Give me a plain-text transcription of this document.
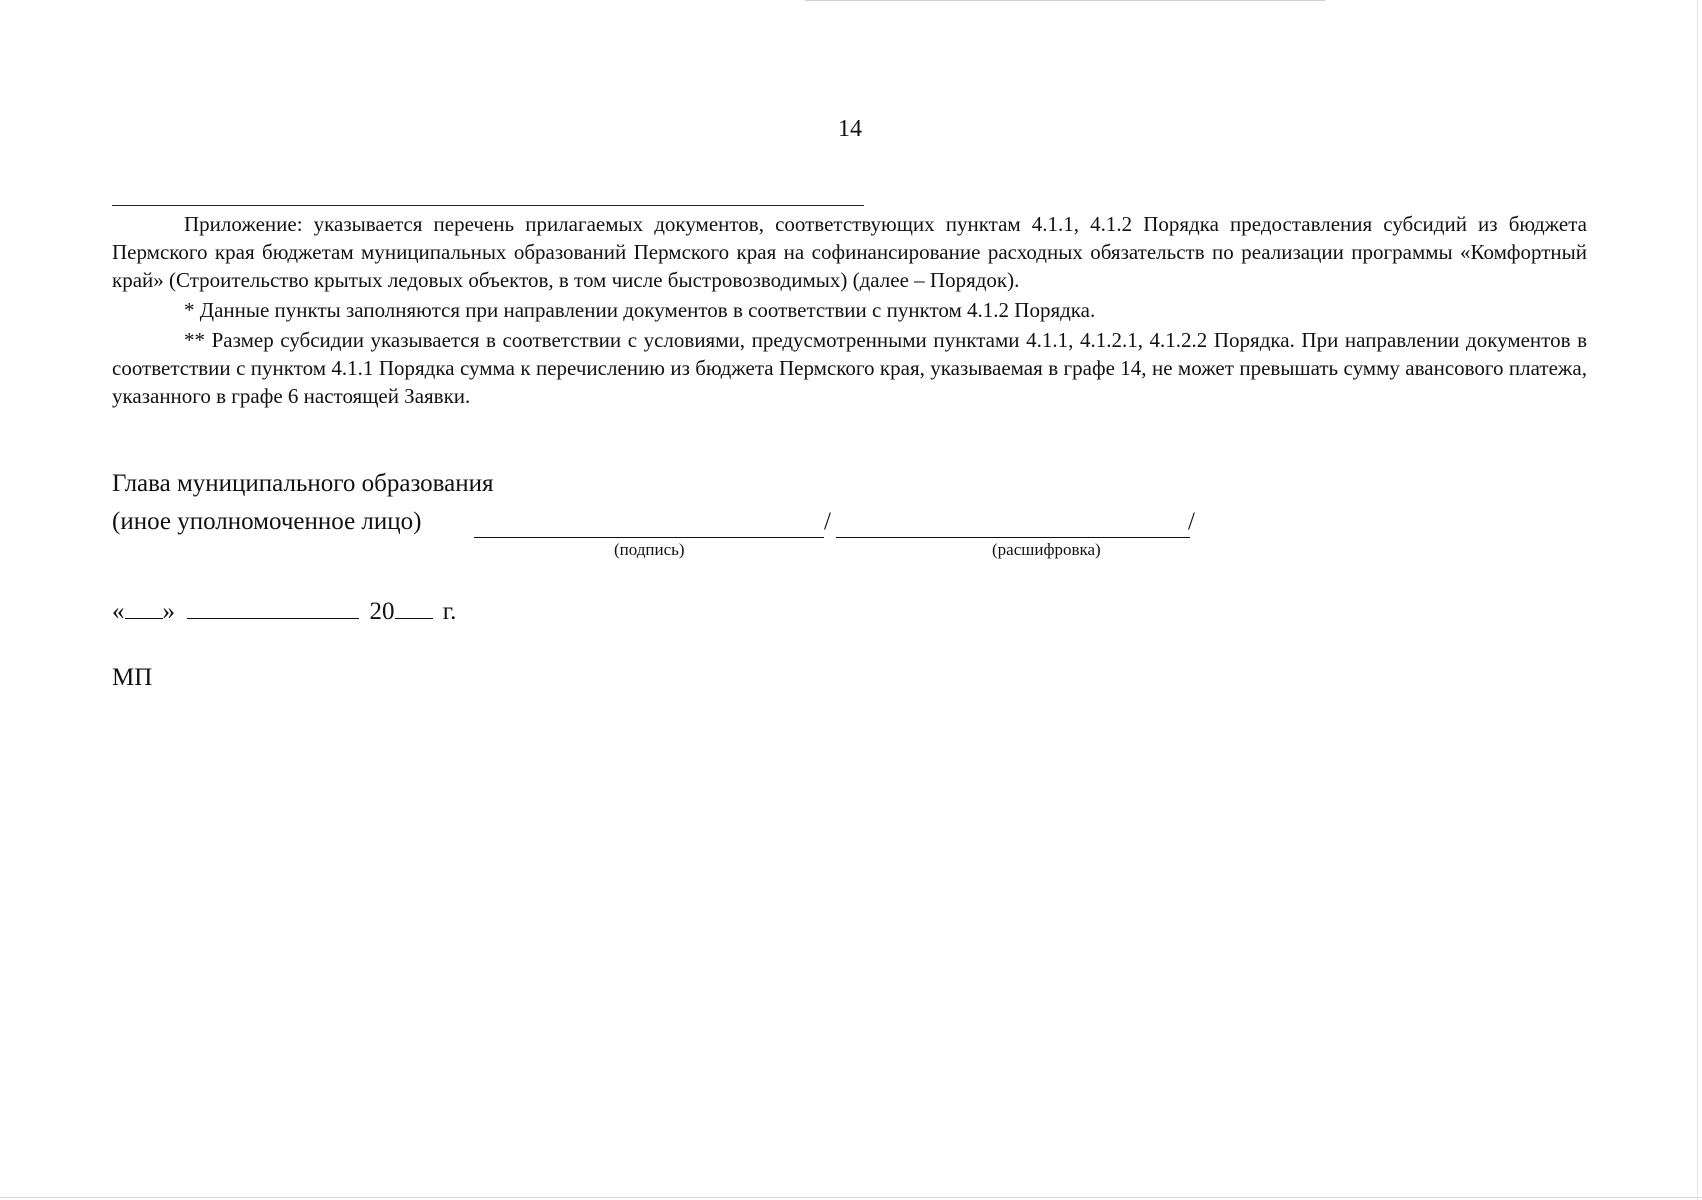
14

Приложение: указывается перечень прилагаемых документов, соответствующих пунктам 4.1.1, 4.1.2 Порядка предоставления субсидий из бюджета Пермского края бюджетам муниципальных образований Пермского края на софинансирование расходных обязательств по реализации программы «Комфортный край» (Строительство крытых ледовых объектов, в том числе быстровозводимых) (далее – Порядок).

* Данные пункты заполняются при направлении документов в соответствии с пунктом 4.1.2 Порядка.

** Размер субсидии указывается в соответствии с условиями, предусмотренными пунктами 4.1.1, 4.1.2.1, 4.1.2.2 Порядка. При направлении документов в соответствии с пунктом 4.1.1 Порядка сумма к перечислению из бюджета Пермского края, указываемая в графе 14, не может превышать сумму авансового платежа, указанного в графе 6 настоящей Заявки.

Глава муниципального образования
(иное уполномоченное лицо)	/	/
(подпись)	(расшифровка)
« »	20 г.
МП
